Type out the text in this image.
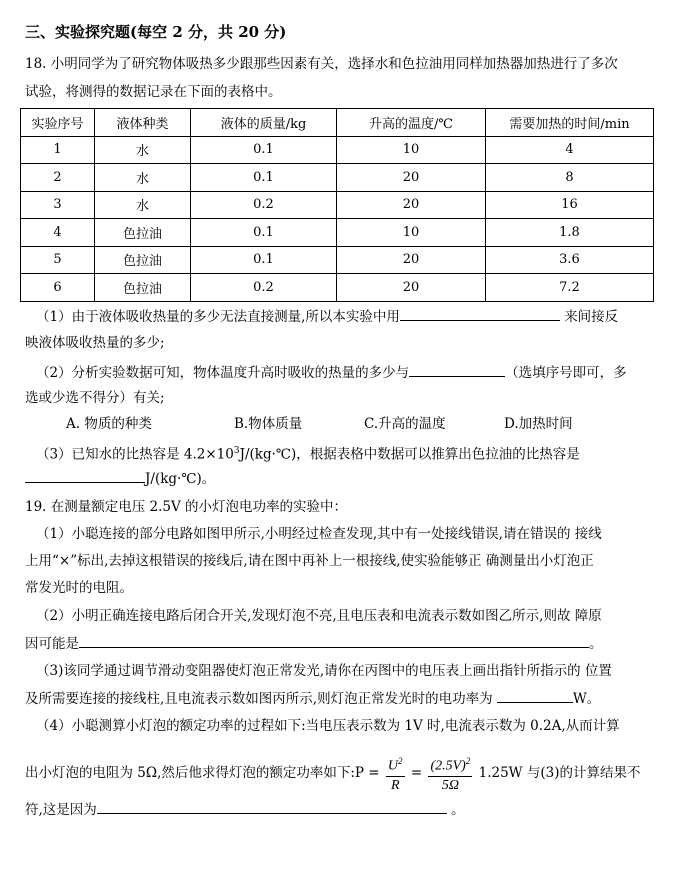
三、实验探究题(每空 2 分，共 20 分)
18. 小明同学为了研究物体吸热多少跟那些因素有关，选择水和色拉油用同样加热器加热进行了多次
试验，将测得的数据记录在下面的表格中。
实验序号	液体种类	液体的质量/kg	升高的温度/℃	需要加热的时间/min
1	水	0.1	10	4
2	水	0.1	20	8
3	水	0.2	20	16
4	色拉油	0.1	10	1.8
5	色拉油	0.1	20	3.6
6	色拉油	0.2	20	7.2
（1）由于液体吸收热量的多少无法直接测量,所以本实验中用	来间接反
映液体吸收热量的多少;
（2）分析实验数据可知，物体温度升高时吸收的热量的多少与	（选填序号即可，多
选或少选不得分）有关;
A. 物质的种类	B.物体质量	C.升高的温度	D.加热时间
（3）已知水的比热容是 $4.2\times 10^3J/(kg\cdot℃)$，根据表格中数据可以推算出色拉油的比热容是
J/(kg·℃)。
19. 在测量额定电压 2.5V 的小灯泡电功率的实验中：
（1）小聪连接的部分电路如图甲所示,小明经过检查发现,其中有一处接线错误,请在错误的 接线
上用“×”标出,去掉这根错误的接线后,请在图中再补上一根接线,使实验能够正 确测量出小灯泡正
常发光时的电阻。
（2）小明正确连接电路后闭合开关,发现灯泡不亮,且电压表和电流表示数如图乙所示,则故 障原
因可能是	。
（3)该同学通过调节滑动变阻器使灯泡正常发光,请你在丙图中的电压表上画出指针所指示的 位置
及所需要连接的接线柱,且电流表示数如图丙所示,则灯泡正常发光时的电功率为	W。
（4）小聪测算小灯泡的额定功率的过程如下:当电压表示数为 1V 时,电流表示数为 0.2A,从而计算
出小灯泡的电阻为 5Ω,然后他求得灯泡的额定功率如下:P = $\frac{U^2}{R} = \frac{(2.5V)^2}{5\Omega} 1.25W$ 与(3)的计算结果不
符,这是因为	。
